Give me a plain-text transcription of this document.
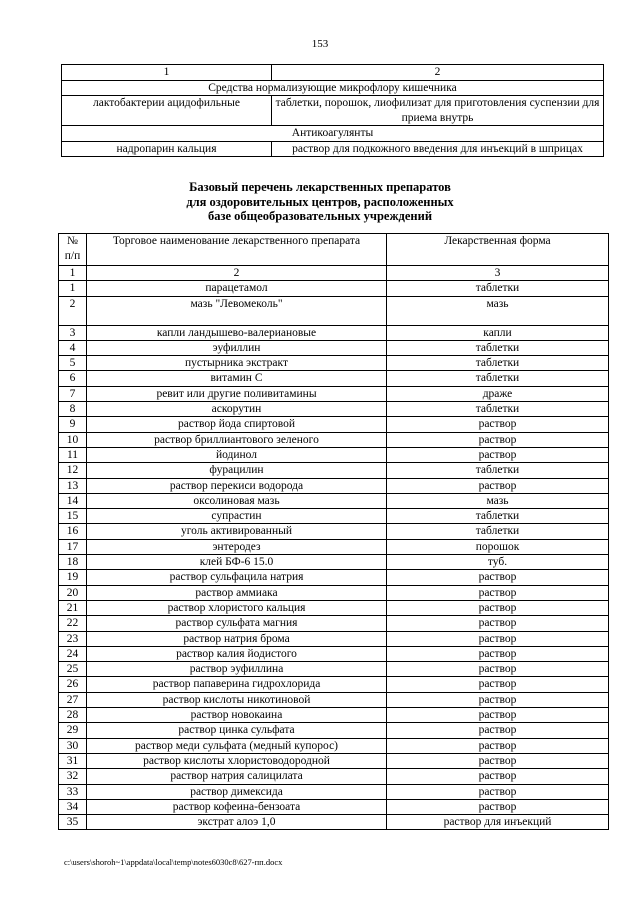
153
1	2
Средства нормализующие микрофлору кишечника	
лактобактерии ацидофильные	таблетки, порошок, лиофилизат для приготовления суспензии для приема внутрь
Антикоагулянты	
надропарин кальция	раствор для подкожного введения для инъекций в шприцах
Базовый перечень лекарственных препаратов
для оздоровительных центров, расположенных
базе общеобразовательных учреждений
№ п/п	Торговое наименование лекарственного препарата	Лекарственная форма
1	2	3
1	парацетамол	таблетки
2	мазь "Левомеколь"	мазь
3	капли ландышево-валериановые	капли
4	эуфиллин	таблетки
5	пустырника экстракт	таблетки
6	витамин С	таблетки
7	ревит или другие поливитамины	драже
8	аскорутин	таблетки
9	раствор йода спиртовой	раствор
10	раствор бриллиантового зеленого	раствор
11	йодинол	раствор
12	фурацилин	таблетки
13	раствор перекиси водорода	раствор
14	оксолиновая мазь	мазь
15	супрастин	таблетки
16	уголь активированный	таблетки
17	энтеродез	порошок
18	клей БФ-6 15.0	туб.
19	раствор сульфацила натрия	раствор
20	раствор аммиака	раствор
21	раствор хлористого кальция	раствор
22	раствор сульфата магния	раствор
23	раствор натрия брома	раствор
24	раствор калия йодистого	раствор
25	раствор эуфиллина	раствор
26	раствор папаверина гидрохлорида	раствор
27	раствор кислоты никотиновой	раствор
28	раствор новокаина	раствор
29	раствор цинка сульфата	раствор
30	раствор меди сульфата (медный купорос)	раствор
31	раствор кислоты хлористоводородной	раствор
32	раствор натрия салицилата	раствор
33	раствор димексида	раствор
34	раствор кофеина-бензоата	раствор
35	экстрат алоэ 1,0	раствор для инъекций
c:\users\shoroh~1\appdata\local\temp\notes6030c8\627-пп.docx
